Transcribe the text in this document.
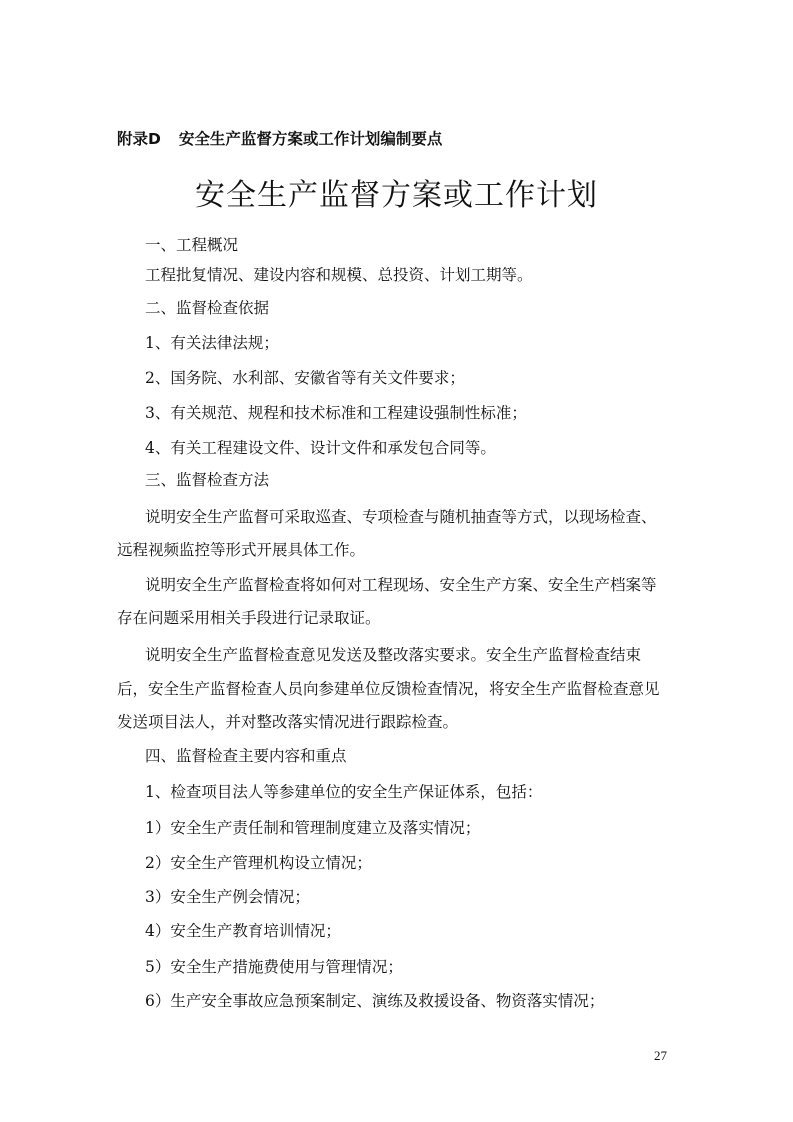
附录D 安全生产监督方案或工作计划编制要点
安全生产监督方案或工作计划
一、工程概况
工程批复情况、建设内容和规模、总投资、计划工期等。
二、监督检查依据
1、有关法律法规；
2、国务院、水利部、安徽省等有关文件要求；
3、有关规范、规程和技术标准和工程建设强制性标准；
4、有关工程建设文件、设计文件和承发包合同等。
三、监督检查方法
说明安全生产监督可采取巡查、专项检查与随机抽查等方式，以现场检查、
远程视频监控等形式开展具体工作。
说明安全生产监督检查将如何对工程现场、安全生产方案、安全生产档案等
存在问题采用相关手段进行记录取证。
说明安全生产监督检查意见发送及整改落实要求。安全生产监督检查结束
后，安全生产监督检查人员向参建单位反馈检查情况，将安全生产监督检查意见
发送项目法人，并对整改落实情况进行跟踪检查。
四、监督检查主要内容和重点
1、检查项目法人等参建单位的安全生产保证体系，包括：
1）安全生产责任制和管理制度建立及落实情况；
2）安全生产管理机构设立情况；
3）安全生产例会情况；
4）安全生产教育培训情况；
5）安全生产措施费使用与管理情况；
6）生产安全事故应急预案制定、演练及救援设备、物资落实情况；
27
